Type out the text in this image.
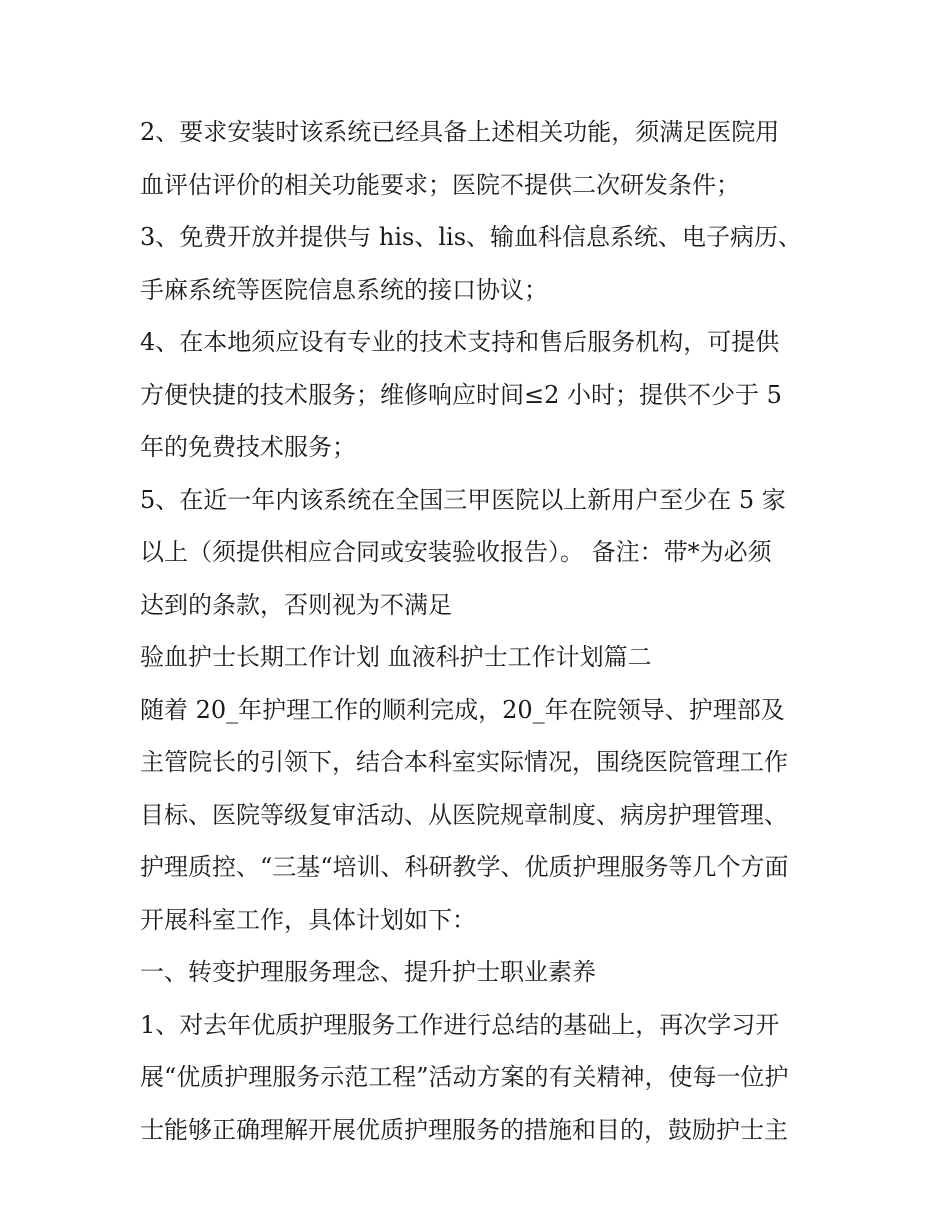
2、要求安装时该系统已经具备上述相关功能，须满足医院用
血评估评价的相关功能要求；医院不提供二次研发条件；
3、免费开放并提供与 his、lis、输血科信息系统、电子病历、
手麻系统等医院信息系统的接口协议；
4、在本地须应设有专业的技术支持和售后服务机构，可提供
方便快捷的技术服务；维修响应时间≤2 小时；提供不少于 5
年的免费技术服务；
5、在近一年内该系统在全国三甲医院以上新用户至少在 5 家
以上（须提供相应合同或安装验收报告）。 备注：带*为必须
达到的条款，否则视为不满足
验血护士长期工作计划 血液科护士工作计划篇二
随着 20_年护理工作的顺利完成，20_年在院领导、护理部及
主管院长的引领下，结合本科室实际情况，围绕医院管理工作
目标、医院等级复审活动、从医院规章制度、病房护理管理、
护理质控、“三基“培训、科研教学、优质护理服务等几个方面
开展科室工作，具体计划如下：
一、转变护理服务理念、提升护士职业素养
1、对去年优质护理服务工作进行总结的基础上，再次学习开
展“优质护理服务示范工程”活动方案的有关精神，使每一位护
士能够正确理解开展优质护理服务的措施和目的，鼓励护士主
